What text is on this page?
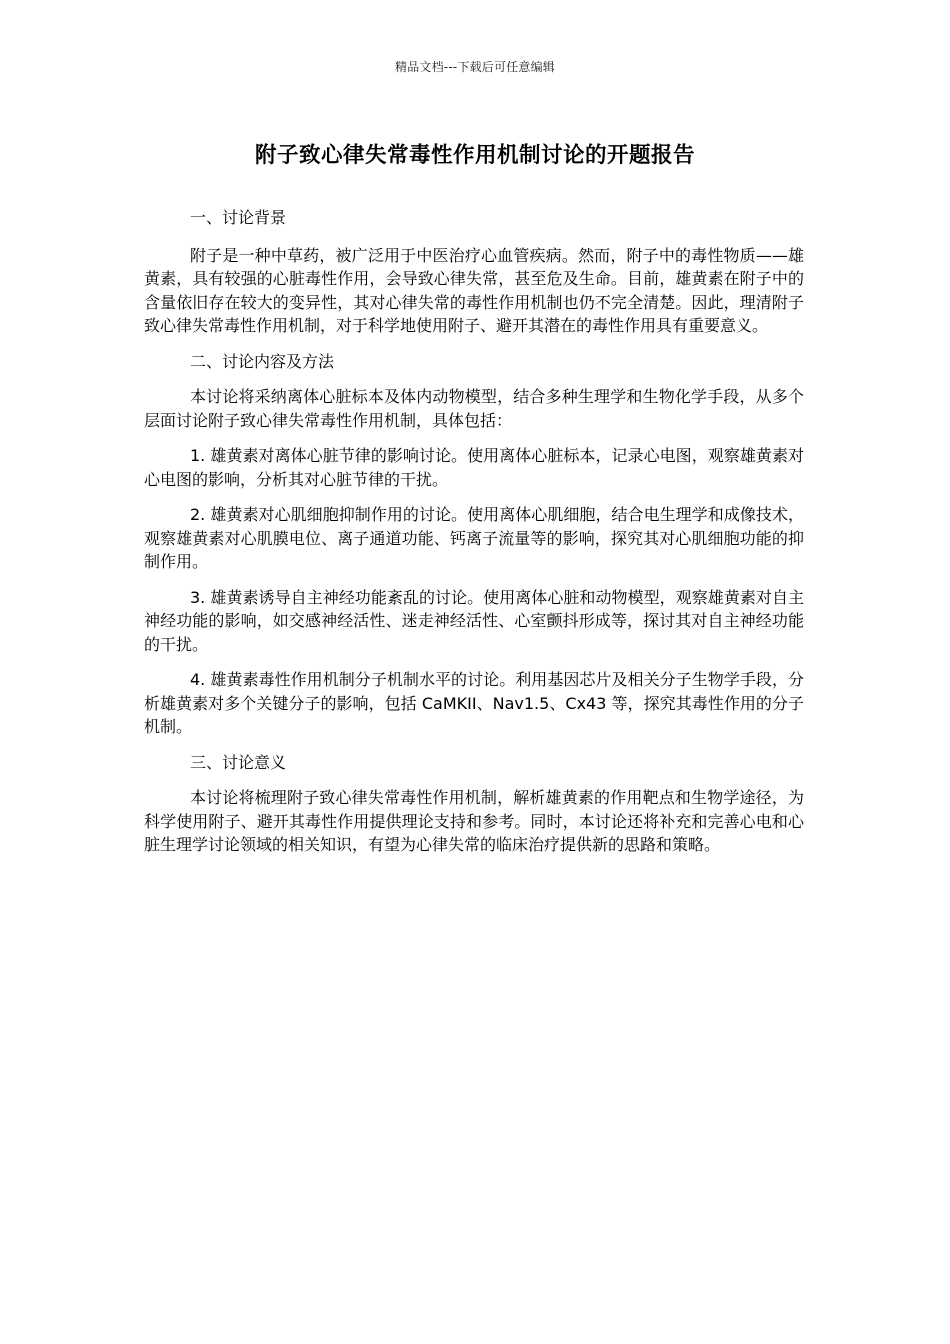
精品文档---下载后可任意编辑
附子致心律失常毒性作用机制讨论的开题报告
一、讨论背景

附子是一种中草药，被广泛用于中医治疗心血管疾病。然而，附子中的毒性物质——雄黄素，具有较强的心脏毒性作用，会导致心律失常，甚至危及生命。目前，雄黄素在附子中的含量依旧存在较大的变异性，其对心律失常的毒性作用机制也仍不完全清楚。因此，理清附子致心律失常毒性作用机制，对于科学地使用附子、避开其潜在的毒性作用具有重要意义。

二、讨论内容及方法

本讨论将采纳离体心脏标本及体内动物模型，结合多种生理学和生物化学手段，从多个层面讨论附子致心律失常毒性作用机制，具体包括：

1. 雄黄素对离体心脏节律的影响讨论。使用离体心脏标本，记录心电图，观察雄黄素对心电图的影响，分析其对心脏节律的干扰。

2. 雄黄素对心肌细胞抑制作用的讨论。使用离体心肌细胞，结合电生理学和成像技术，观察雄黄素对心肌膜电位、离子通道功能、钙离子流量等的影响，探究其对心肌细胞功能的抑制作用。

3. 雄黄素诱导自主神经功能紊乱的讨论。使用离体心脏和动物模型，观察雄黄素对自主神经功能的影响，如交感神经活性、迷走神经活性、心室颤抖形成等，探讨其对自主神经功能的干扰。

4. 雄黄素毒性作用机制分子机制水平的讨论。利用基因芯片及相关分子生物学手段，分析雄黄素对多个关键分子的影响，包括 CaMKII、Nav1.5、Cx43 等，探究其毒性作用的分子机制。

三、讨论意义

本讨论将梳理附子致心律失常毒性作用机制，解析雄黄素的作用靶点和生物学途径，为科学使用附子、避开其毒性作用提供理论支持和参考。同时，本讨论还将补充和完善心电和心脏生理学讨论领域的相关知识，有望为心律失常的临床治疗提供新的思路和策略。
